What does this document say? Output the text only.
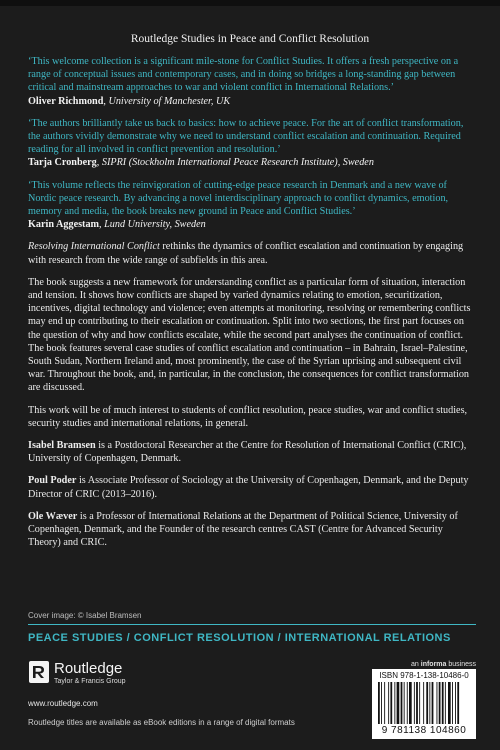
Routledge Studies in Peace and Conflict Resolution

‘This welcome collection is a significant mile-stone for Conflict Studies. It offers a fresh perspective on a range of conceptual issues and contemporary cases, and in doing so bridges a long-standing gap between critical and mainstream approaches to war and violent conflict in International Relations.’

Oliver Richmond, University of Manchester, UK

‘The authors brilliantly take us back to basics: how to achieve peace. For the art of conflict transformation, the authors vividly demonstrate why we need to understand conflict escalation and continuation. Required reading for all involved in conflict prevention and resolution.’

Tarja Cronberg, SIPRI (Stockholm International Peace Research Institute), Sweden

‘This volume reflects the reinvigoration of cutting-edge peace research in Denmark and a new wave of Nordic peace research. By advancing a novel interdisciplinary approach to conflict dynamics, emotion, memory and media, the book breaks new ground in Peace and Conflict Studies.’

Karin Aggestam, Lund University, Sweden

Resolving International Conflict rethinks the dynamics of conflict escalation and continuation by engaging with research from the wide range of subfields in this area.

The book suggests a new framework for understanding conflict as a particular form of situation, interaction and tension. It shows how conflicts are shaped by varied dynamics relating to emotion, securitization, incentives, digital technology and violence; even attempts at monitoring, resolving or remembering conflicts may end up contributing to their escalation or continuation. Split into two sections, the first part focuses on the question of why and how conflicts escalate, while the second part analyses the continuation of conflict. The book features several case studies of conflict escalation and continuation – in Bahrain, Israel–Palestine, South Sudan, Northern Ireland and, most prominently, the case of the Syrian uprising and subsequent civil war. Throughout the book, and, in particular, in the conclusion, the consequences for conflict transformation are discussed.

This work will be of much interest to students of conflict resolution, peace studies, war and conflict studies, security studies and international relations, in general.

Isabel Bramsen is a Postdoctoral Researcher at the Centre for Resolution of International Conflict (CRIC), University of Copenhagen, Denmark.

Poul Poder is Associate Professor of Sociology at the University of Copenhagen, Denmark, and the Deputy Director of CRIC (2013–2016).

Ole Wæver is a Professor of International Relations at the Department of Political Science, University of Copenhagen, Denmark, and the Founder of the research centres CAST (Centre for Advanced Security Theory) and CRIC.

Cover image: © Isabel Bramsen
PEACE STUDIES / CONFLICT RESOLUTION / INTERNATIONAL RELATIONS
Routledge
Taylor & Francis Group
www.routledge.com
Routledge titles are available as eBook editions in a range of digital formats
an informa business
ISBN 978-1-138-10486-0
9 781138 104860
